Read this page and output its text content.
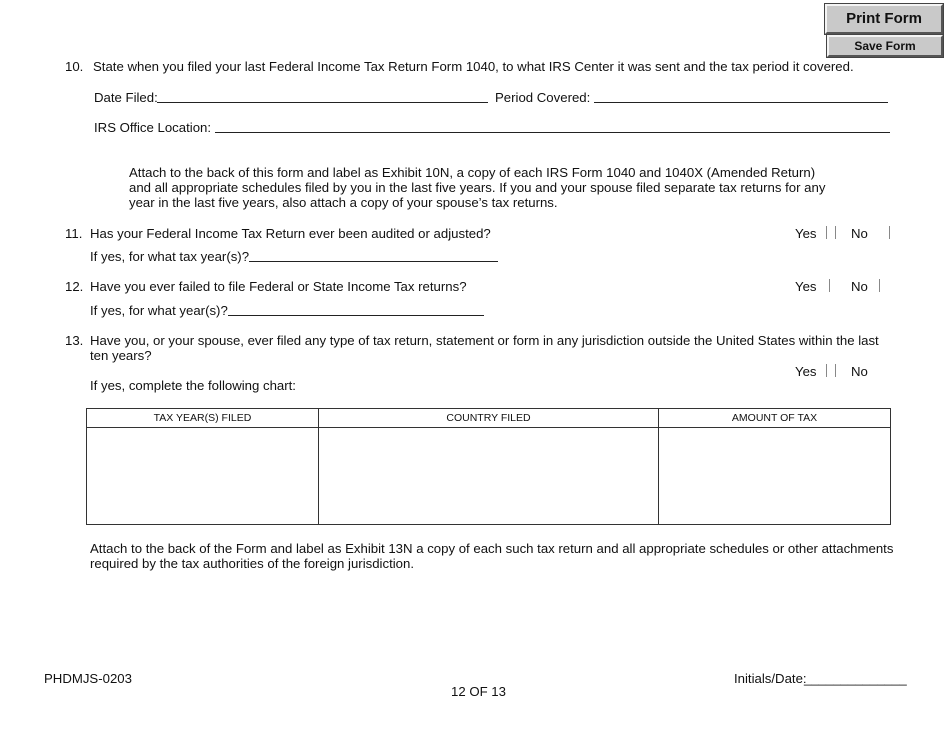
Print Form
Save Form
10. State when you filed your last Federal Income Tax Return Form 1040, to what IRS Center it was sent and the tax period it covered.
Date Filed:	Period Covered:
IRS Office Location:
Attach to the back of this form and label as Exhibit 10N, a copy of each IRS Form 1040 and 1040X (Amended Return) and all appropriate schedules filed by you in the last five years. If you and your spouse filed separate tax returns for any year in the last five years, also attach a copy of your spouse’s tax returns.
11. Has your Federal Income Tax Return ever been audited or adjusted?	Yes	No
If yes, for what tax year(s)?
12. Have you ever failed to file Federal or State Income Tax returns?	Yes	No
If yes, for what year(s)?
13. Have you, or your spouse, ever filed any type of tax return, statement or form in any jurisdiction outside the United States within the last ten years?
Yes	No
If yes, complete the following chart:
TAX YEAR(S) FILED	COUNTRY FILED	AMOUNT OF TAX

Attach to the back of the Form and label as Exhibit 13N a copy of each such tax return and all appropriate schedules or other attachments required by the tax authorities of the foreign jurisdiction.
PHDMJS-0203
12 OF 13
Initials/Date:
______________
